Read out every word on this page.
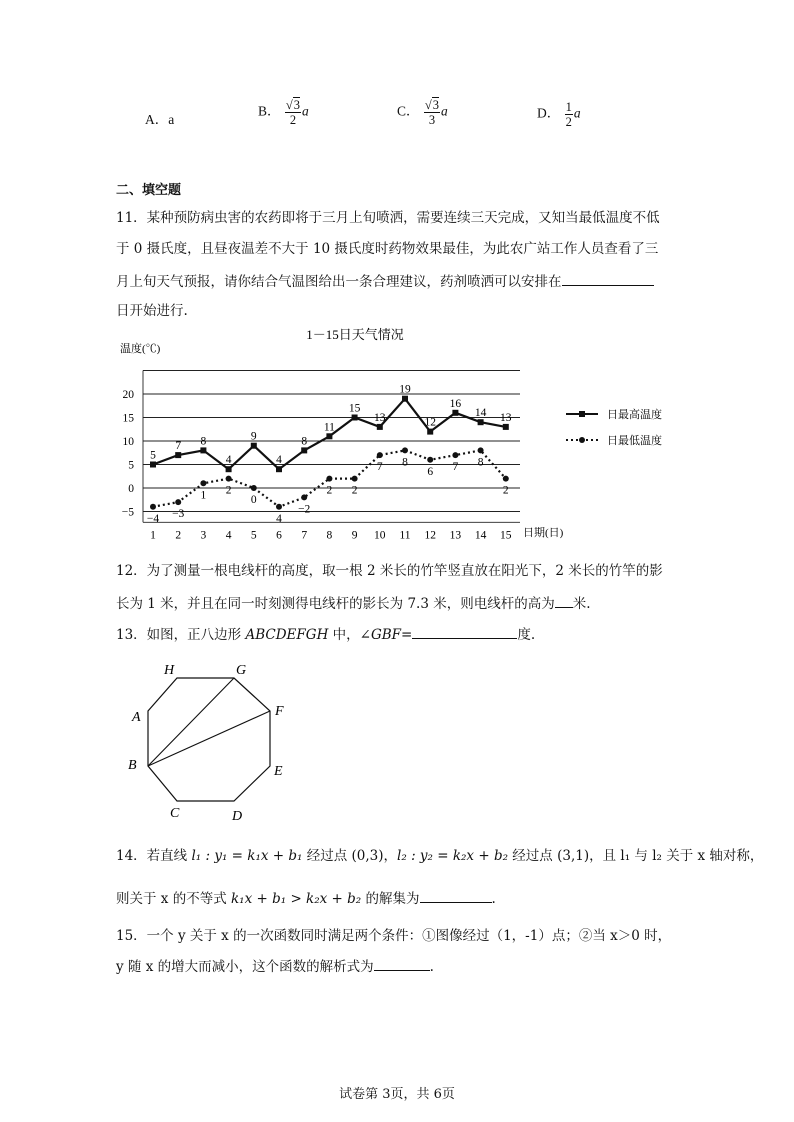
A．a
B． $\frac{√3}{2}$ a	C． $\frac{√3}{3}$ a	D． $\frac{1}{2}$ a
二、填空题
11．某种预防病虫害的农药即将于三月上旬喷洒，需要连续三天完成，又知当最低温度不低
于 0 摄氏度，且昼夜温差不大于 10 摄氏度时药物效果最佳，为此农广站工作人员查看了三
月上旬天气预报，请你结合气温图给出一条合理建议，药剂喷洒可以安排在
日开始进行.
1－15日天气情况
温度(℃)
日期(日)
−5
0
5
10
15
20
1 2 3 4 5 6 7 8 9 10 11 12 13 14 15
5
7 8
4
9
4
8
11
15
13
19
12
16
14 13
−4 −3
1 2
0
4
−2
2 2
7 8
6 7 8
2
日最高温度
日最低温度
12．为了测量一根电线杆的高度，取一根 2 米长的竹竿竖直放在阳光下，2 米长的竹竿的影
长为 1 米，并且在同一时刻测得电线杆的影长为 7.3 米，则电线杆的高为 米.
13．如图，正八边形 ABCDEFGH 中，∠GBF=	度.
H	G
F
E
D
C
B
A
14．若直线 l₁ : y₁ = k₁x + b₁ 经过点 (0,3)，l₂ : y₂ = k₂x + b₂ 经过点 (3,1)，且 l₁ 与 l₂ 关于 x 轴对称，
则关于 x 的不等式 k₁x + b₁ > k₂x + b₂ 的解集为	.
15．一个 y 关于 x 的一次函数同时满足两个条件：①图像经过（1，-1）点；②当 x＞0 时，
y 随 x 的增大而减小，这个函数的解析式为	.
试卷第 3页，共 6页
